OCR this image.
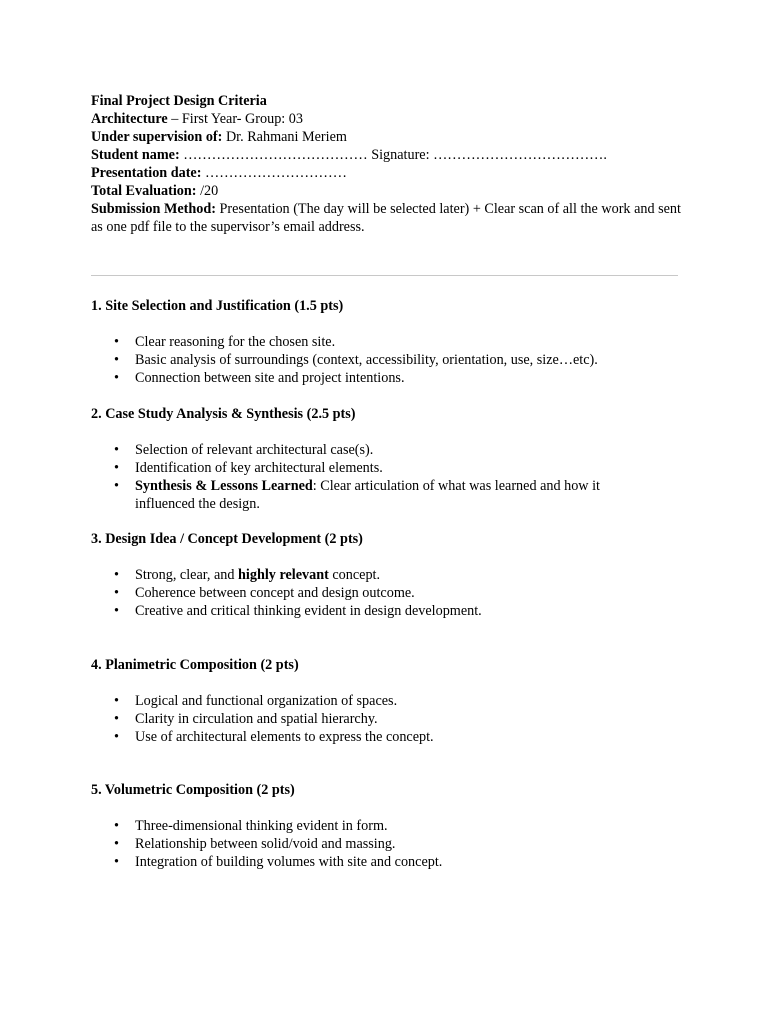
Final Project Design Criteria
Architecture – First Year- Group: 03
Under supervision of: Dr. Rahmani Meriem
Student name: ………………………………… Signature: ……………………………….
Presentation date: …………………………
Total Evaluation: /20
Submission Method: Presentation (The day will be selected later) + Clear scan of all the work and sent as one pdf file to the supervisor’s email address.

1. Site Selection and Justification (1.5 pts)

• Clear reasoning for the chosen site.
• Basic analysis of surroundings (context, accessibility, orientation, use, size…etc).
• Connection between site and project intentions.

2. Case Study Analysis & Synthesis (2.5 pts)

• Selection of relevant architectural case(s).
• Identification of key architectural elements.
• Synthesis & Lessons Learned: Clear articulation of what was learned and how it influenced the design.

3. Design Idea / Concept Development (2 pts)

• Strong, clear, and highly relevant concept.
• Coherence between concept and design outcome.
• Creative and critical thinking evident in design development.

4. Planimetric Composition (2 pts)

• Logical and functional organization of spaces.
• Clarity in circulation and spatial hierarchy.
• Use of architectural elements to express the concept.

5. Volumetric Composition (2 pts)

• Three-dimensional thinking evident in form.
• Relationship between solid/void and massing.
• Integration of building volumes with site and concept.
